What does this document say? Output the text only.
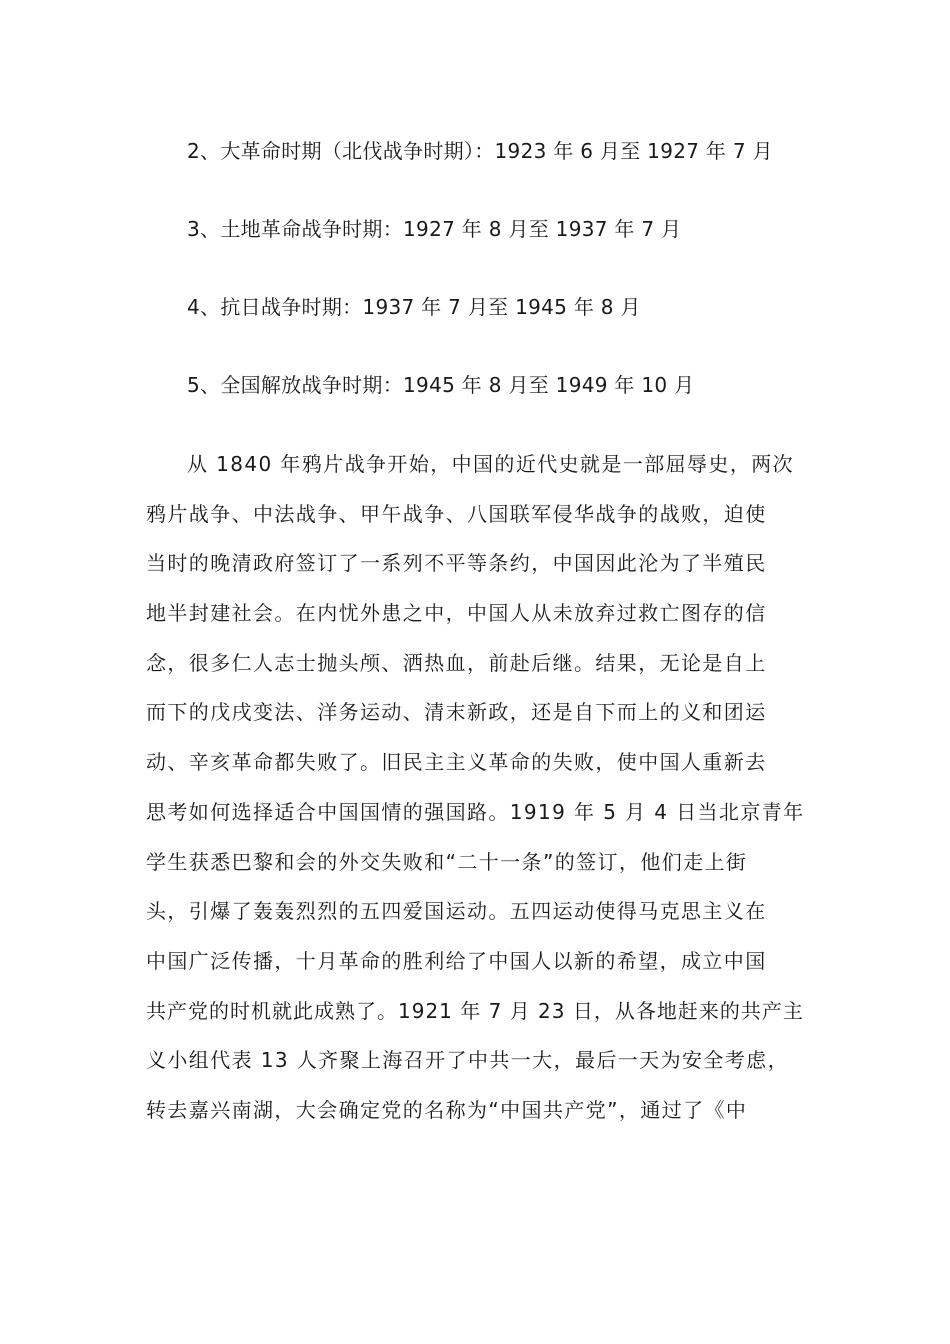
2、大革命时期（北伐战争时期）：1923 年 6 月至 1927 年 7 月
3、土地革命战争时期：1927 年 8 月至 1937 年 7 月
4、抗日战争时期：1937 年 7 月至 1945 年 8 月
5、全国解放战争时期：1945 年 8 月至 1949 年 10 月
从 1840 年鸦片战争开始，中国的近代史就是一部屈辱史，两次
鸦片战争、中法战争、甲午战争、八国联军侵华战争的战败，迫使
当时的晚清政府签订了一系列不平等条约，中国因此沦为了半殖民
地半封建社会。在内忧外患之中，中国人从未放弃过救亡图存的信
念，很多仁人志士抛头颅、洒热血，前赴后继。结果，无论是自上
而下的戊戌变法、洋务运动、清末新政，还是自下而上的义和团运
动、辛亥革命都失败了。旧民主主义革命的失败，使中国人重新去
思考如何选择适合中国国情的强国路。1919 年 5 月 4 日当北京青年
学生获悉巴黎和会的外交失败和“二十一条”的签订，他们走上街
头，引爆了轰轰烈烈的五四爱国运动。五四运动使得马克思主义在
中国广泛传播，十月革命的胜利给了中国人以新的希望，成立中国
共产党的时机就此成熟了。1921 年 7 月 23 日，从各地赶来的共产主
义小组代表 13 人齐聚上海召开了中共一大，最后一天为安全考虑，
转去嘉兴南湖，大会确定党的名称为“中国共产党”，通过了《中
